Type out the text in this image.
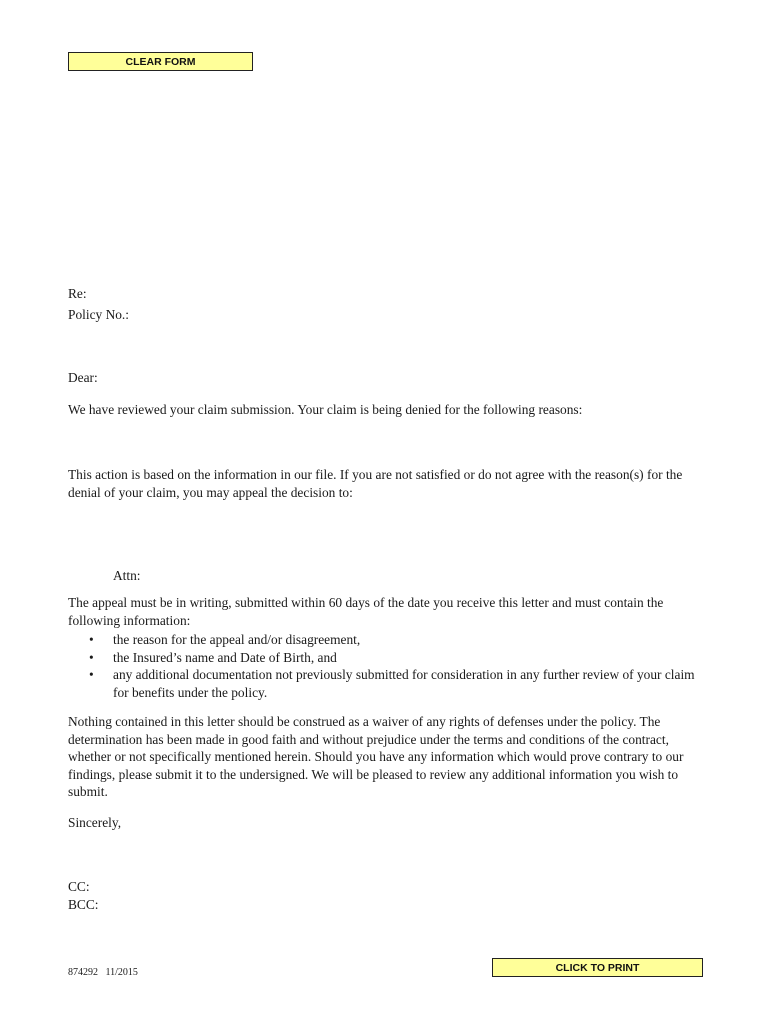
CLEAR FORM
Re:
Policy No.:
Dear:

We have reviewed your claim submission. Your claim is being denied for the following reasons:

This action is based on the information in our file. If you are not satisfied or do not agree with the reason(s) for the denial of your claim, you may appeal the decision to:

Attn:

The appeal must be in writing, submitted within 60 days of the date you receive this letter and must contain the following information:

• the reason for the appeal and/or disagreement,
• the Insured’s name and Date of Birth, and
• any additional documentation not previously submitted for consideration in any further review of your claim for benefits under the policy.

Nothing contained in this letter should be construed as a waiver of any rights of defenses under the policy. The determination has been made in good faith and without prejudice under the terms and conditions of the contract, whether or not specifically mentioned herein. Should you have any information which would prove contrary to our findings, please submit it to the undersigned. We will be pleased to review any additional information you wish to submit.

Sincerely,
CC:
BCC:
CLICK TO PRINT
874292   11/2015
